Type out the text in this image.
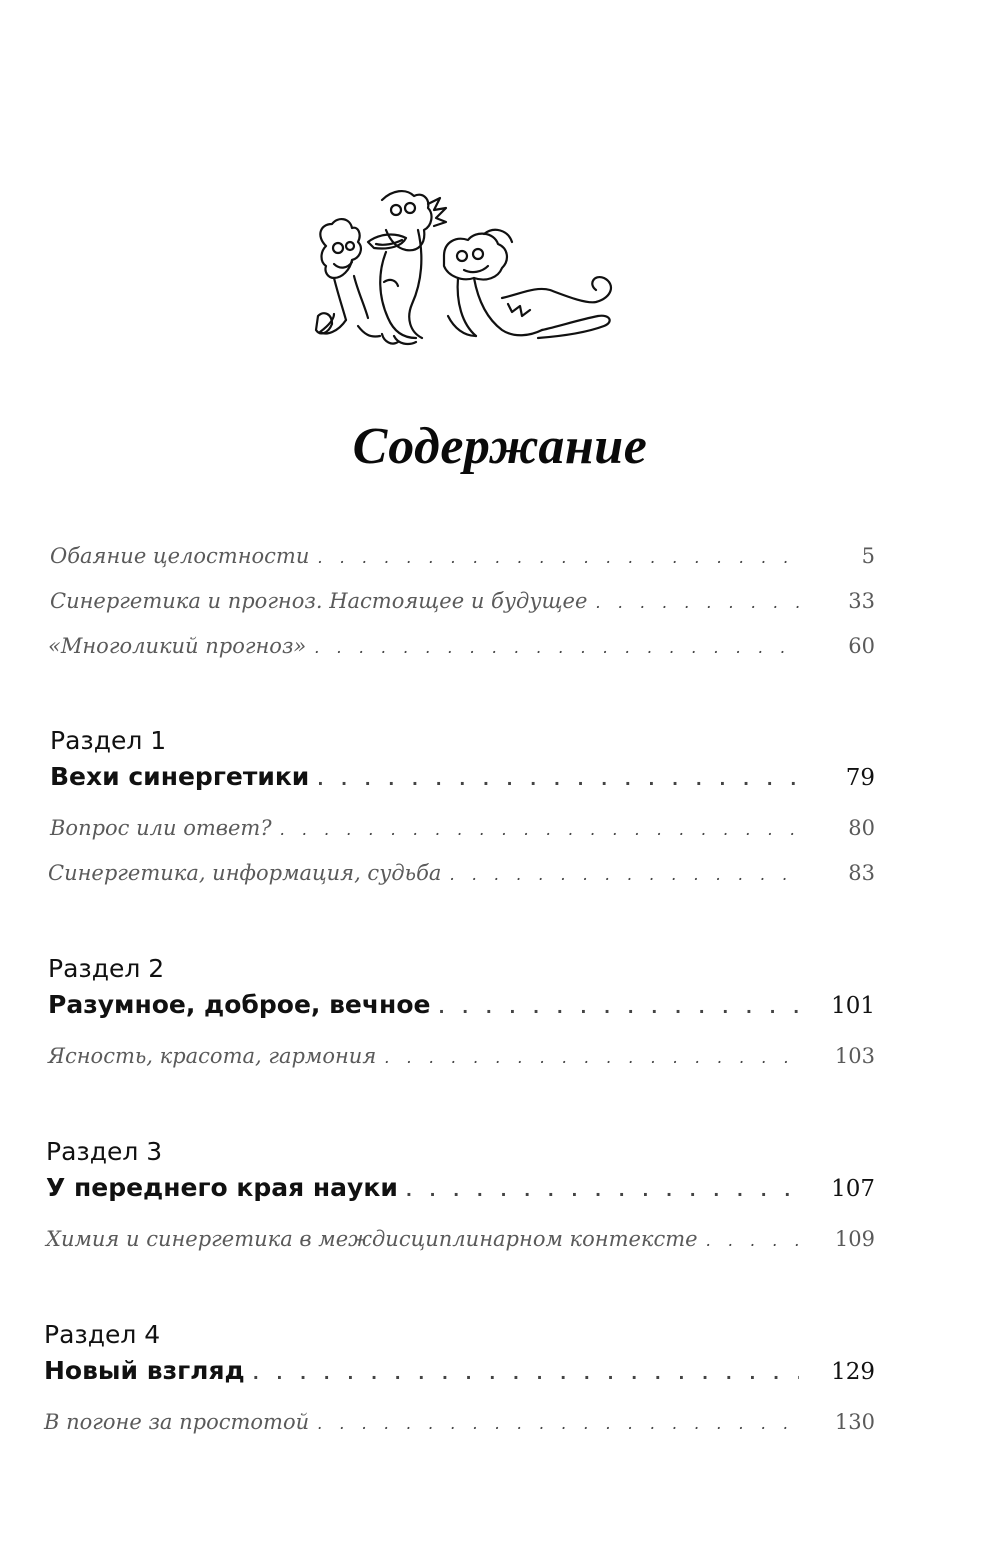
Содержание
Обаяние целостности . . .	5
Синергетика и прогноз. Настоящее и будущее . . .	33
«Многоликий прогноз» . . .	60
Раздел 1
Вехи синергетики . . .	79
Вопрос или ответ? . . .	80
Синергетика, информация, судьба . . .	83
Раздел 2
Разумное, доброе, вечное . . .	101
Ясность, красота, гармония . . .	103
Раздел 3
У переднего края науки . . .	107
Химия и синергетика в междисциплинарном контексте . . .	109
Раздел 4
Новый взгляд . . .	129
В погоне за простотой . . .	130
